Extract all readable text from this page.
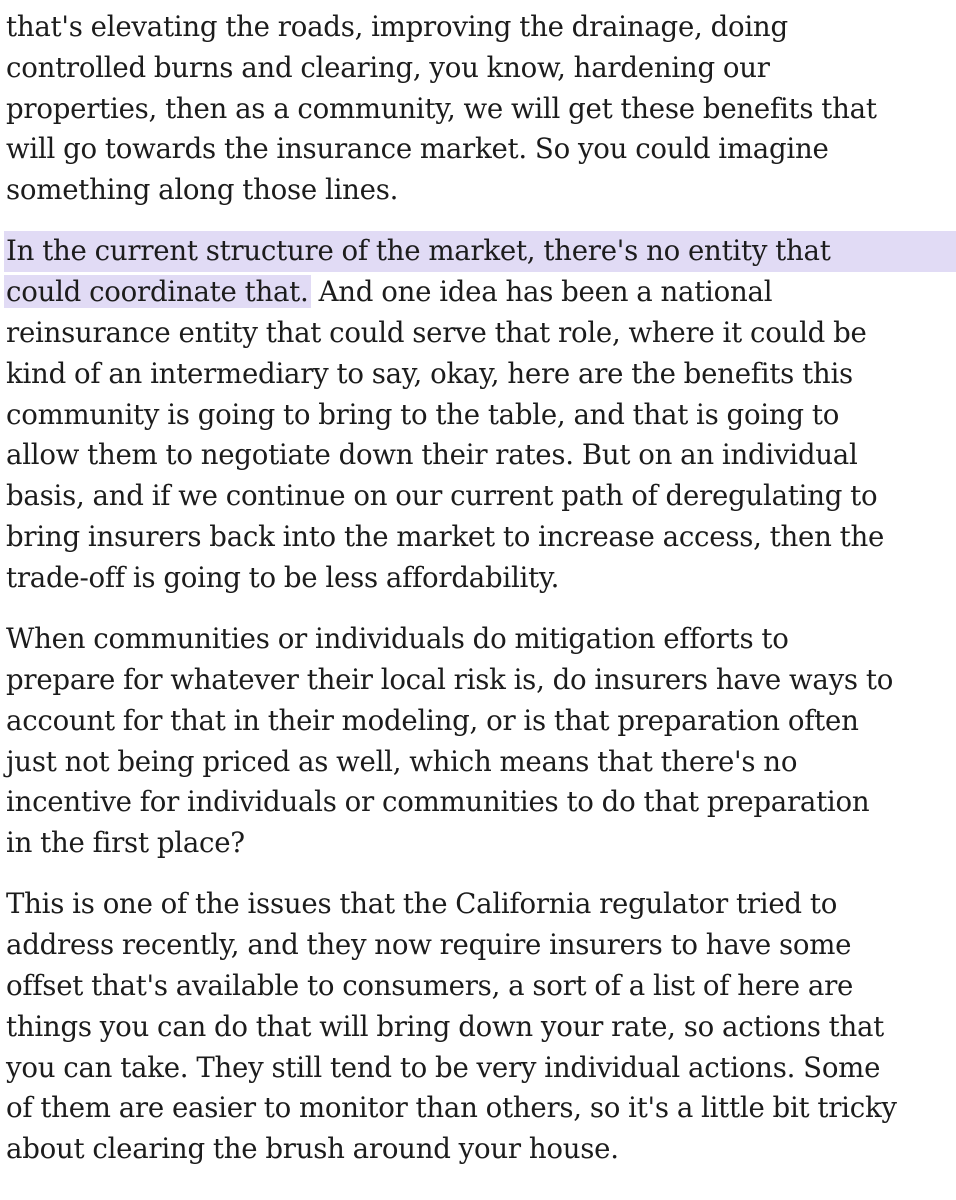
that's elevating the roads, improving the drainage, doing
controlled burns and clearing, you know, hardening our
properties, then as a community, we will get these benefits that
will go towards the insurance market. So you could imagine
something along those lines.

In the current structure of the market, there's no entity that
could coordinate that. And one idea has been a national
reinsurance entity that could serve that role, where it could be
kind of an intermediary to say, okay, here are the benefits this
community is going to bring to the table, and that is going to
allow them to negotiate down their rates. But on an individual
basis, and if we continue on our current path of deregulating to
bring insurers back into the market to increase access, then the
trade-off is going to be less affordability.

When communities or individuals do mitigation efforts to
prepare for whatever their local risk is, do insurers have ways to
account for that in their modeling, or is that preparation often
just not being priced as well, which means that there's no
incentive for individuals or communities to do that preparation
in the first place?

This is one of the issues that the California regulator tried to
address recently, and they now require insurers to have some
offset that's available to consumers, a sort of a list of here are
things you can do that will bring down your rate, so actions that
you can take. They still tend to be very individual actions. Some
of them are easier to monitor than others, so it's a little bit tricky
about clearing the brush around your house.
